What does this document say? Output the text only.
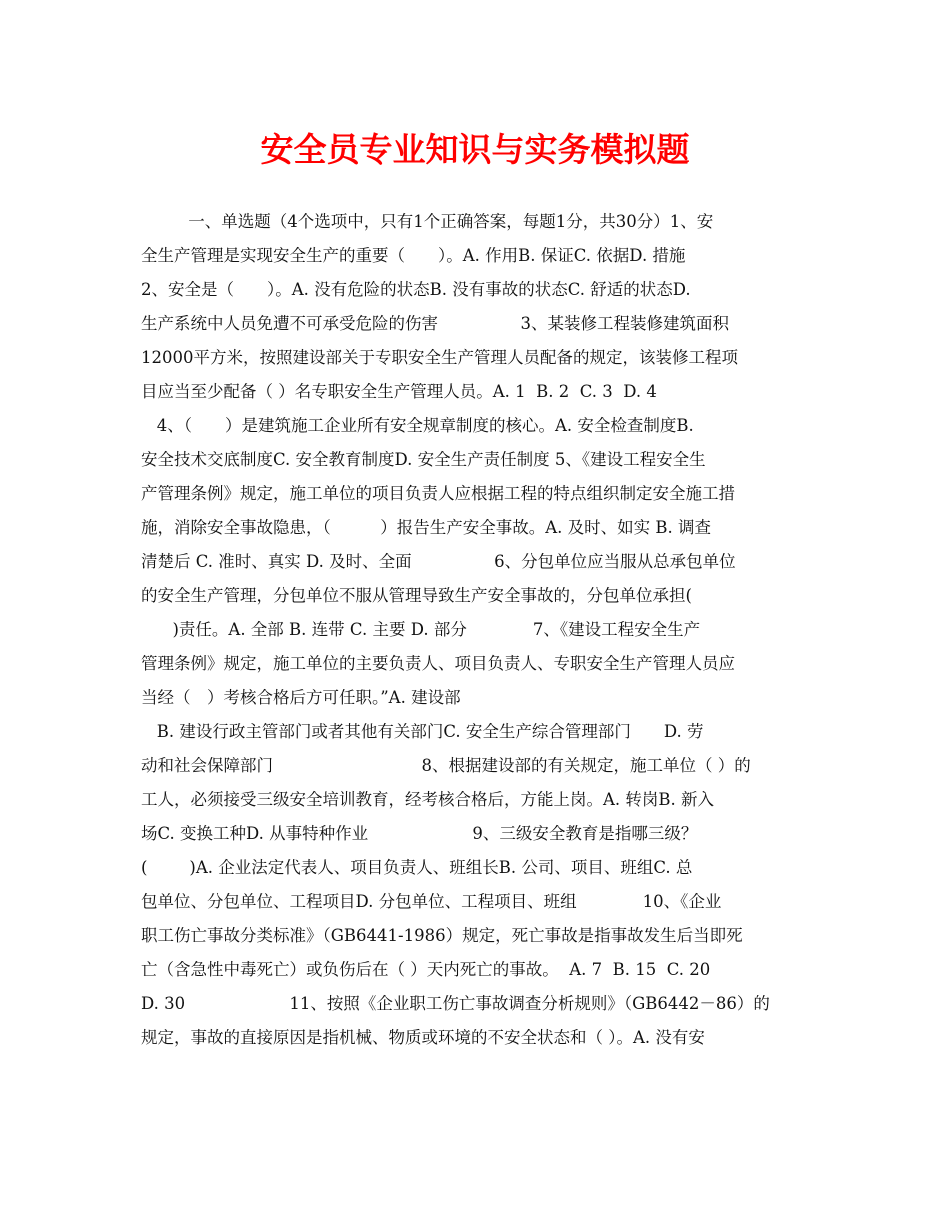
安全员专业知识与实务模拟题
一、单选题（4个选项中，只有1个正确答案，每题1分，共30分）1、安
全生产管理是实现安全生产的重要（　　）。A. 作用B. 保证C. 依据D. 措施
2、安全是（　　）。A. 没有危险的状态B. 没有事故的状态C. 舒适的状态D.
生产系统中人员免遭不可承受危险的伤害　　　　　3、某装修工程装修建筑面积
12000平方米，按照建设部关于专职安全生产管理人员配备的规定，该装修工程项
目应当至少配备（ ）名专职安全生产管理人员。A. 1  B. 2  C. 3  D. 4
4、（　　）是建筑施工企业所有安全规章制度的核心。A. 安全检查制度B.
安全技术交底制度C. 安全教育制度D. 安全生产责任制度 5、《建设工程安全生
产管理条例》规定，施工单位的项目负责人应根据工程的特点组织制定安全施工措
施，消除安全事故隐患，（　　　）报告生产安全事故。A. 及时、如实 B. 调查
清楚后 C. 准时、真实 D. 及时、全面　　　　　6、分包单位应当服从总承包单位
的安全生产管理，分包单位不服从管理导致生产安全事故的，分包单位承担(
)责任。A. 全部 B. 连带 C. 主要 D. 部分　　　　7、《建设工程安全生产
管理条例》规定，施工单位的主要负责人、项目负责人、专职安全生产管理人员应
当经（　）考核合格后方可任职。”A. 建设部
B. 建设行政主管部门或者其他有关部门C. 安全生产综合管理部门　　D. 劳
动和社会保障部门　　　　　　　　　8、根据建设部的有关规定，施工单位（ ）的
工人，必须接受三级安全培训教育，经考核合格后，方能上岗。A. 转岗B. 新入
场C. 变换工种D. 从事特种作业　　　　　　 9、三级安全教育是指哪三级？
(        )A. 企业法定代表人、项目负责人、班组长B. 公司、项目、班组C. 总
包单位、分包单位、工程项目D. 分包单位、工程项目、班组　　　　10、《企业
职工伤亡事故分类标准》（GB6441-1986）规定，死亡事故是指事故发生后当即死
亡（含急性中毒死亡）或负伤后在（ ）天内死亡的事故。  A. 7  B. 15  C. 20
D. 30　　　　　　 11、按照《企业职工伤亡事故调查分析规则》（GB6442－86）的
规定，事故的直接原因是指机械、物质或环境的不安全状态和（ ）。A. 没有安
